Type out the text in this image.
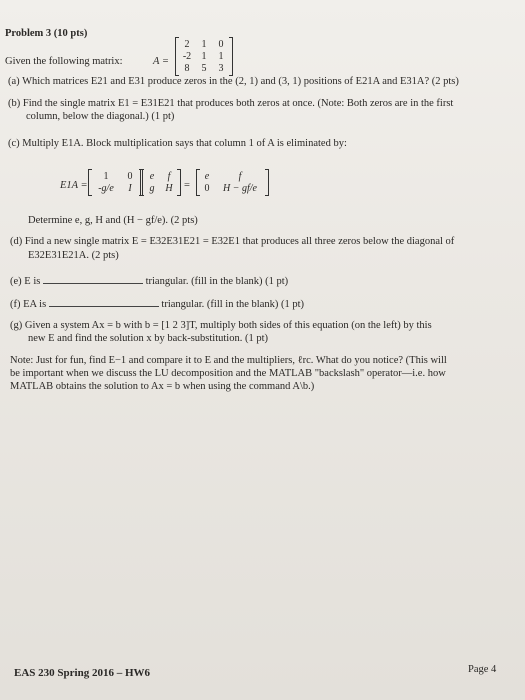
Problem 3 (10 pts)
Given the following matrix:	A =
2	1	0
-2	1	1
8	5	3
(a) Which matrices E21 and E31 produce zeros in the (2, 1) and (3, 1) positions of E21A and E31A? (2 pts)
(b) Find the single matrix E1 = E31E21 that produces both zeros at once. (Note: Both zeros are in the first
column, below the diagonal.) (1 pt)
(c) Multiply E1A. Block multiplication says that column 1 of A is eliminated by:
E1A =
1	0
-g/e	I
e	f
g	H =
e	f
0	H − gf/e
Determine e, g, H and (H − gf/e). (2 pts)
(d) Find a new single matrix E = E32E31E21 = E32E1 that produces all three zeros below the diagonal of
E32E31E21A. (2 pts)
(e) E is	triangular. (fill in the blank) (1 pt)
(f) EA is	triangular. (fill in the blank) (1 pt)
(g) Given a system Ax = b with b = [1 2 3]T, multiply both sides of this equation (on the left) by this
new E and find the solution x by back-substitution. (1 pt)
Note: Just for fun, find E−1 and compare it to E and the multipliers, ℓrc. What do you notice? (This will
be important when we discuss the LU decomposition and the MATLAB "backslash" operator—i.e. how
MATLAB obtains the solution to Ax = b when using the command A\b.)
EAS 230 Spring 2016 – HW6	Page 4
